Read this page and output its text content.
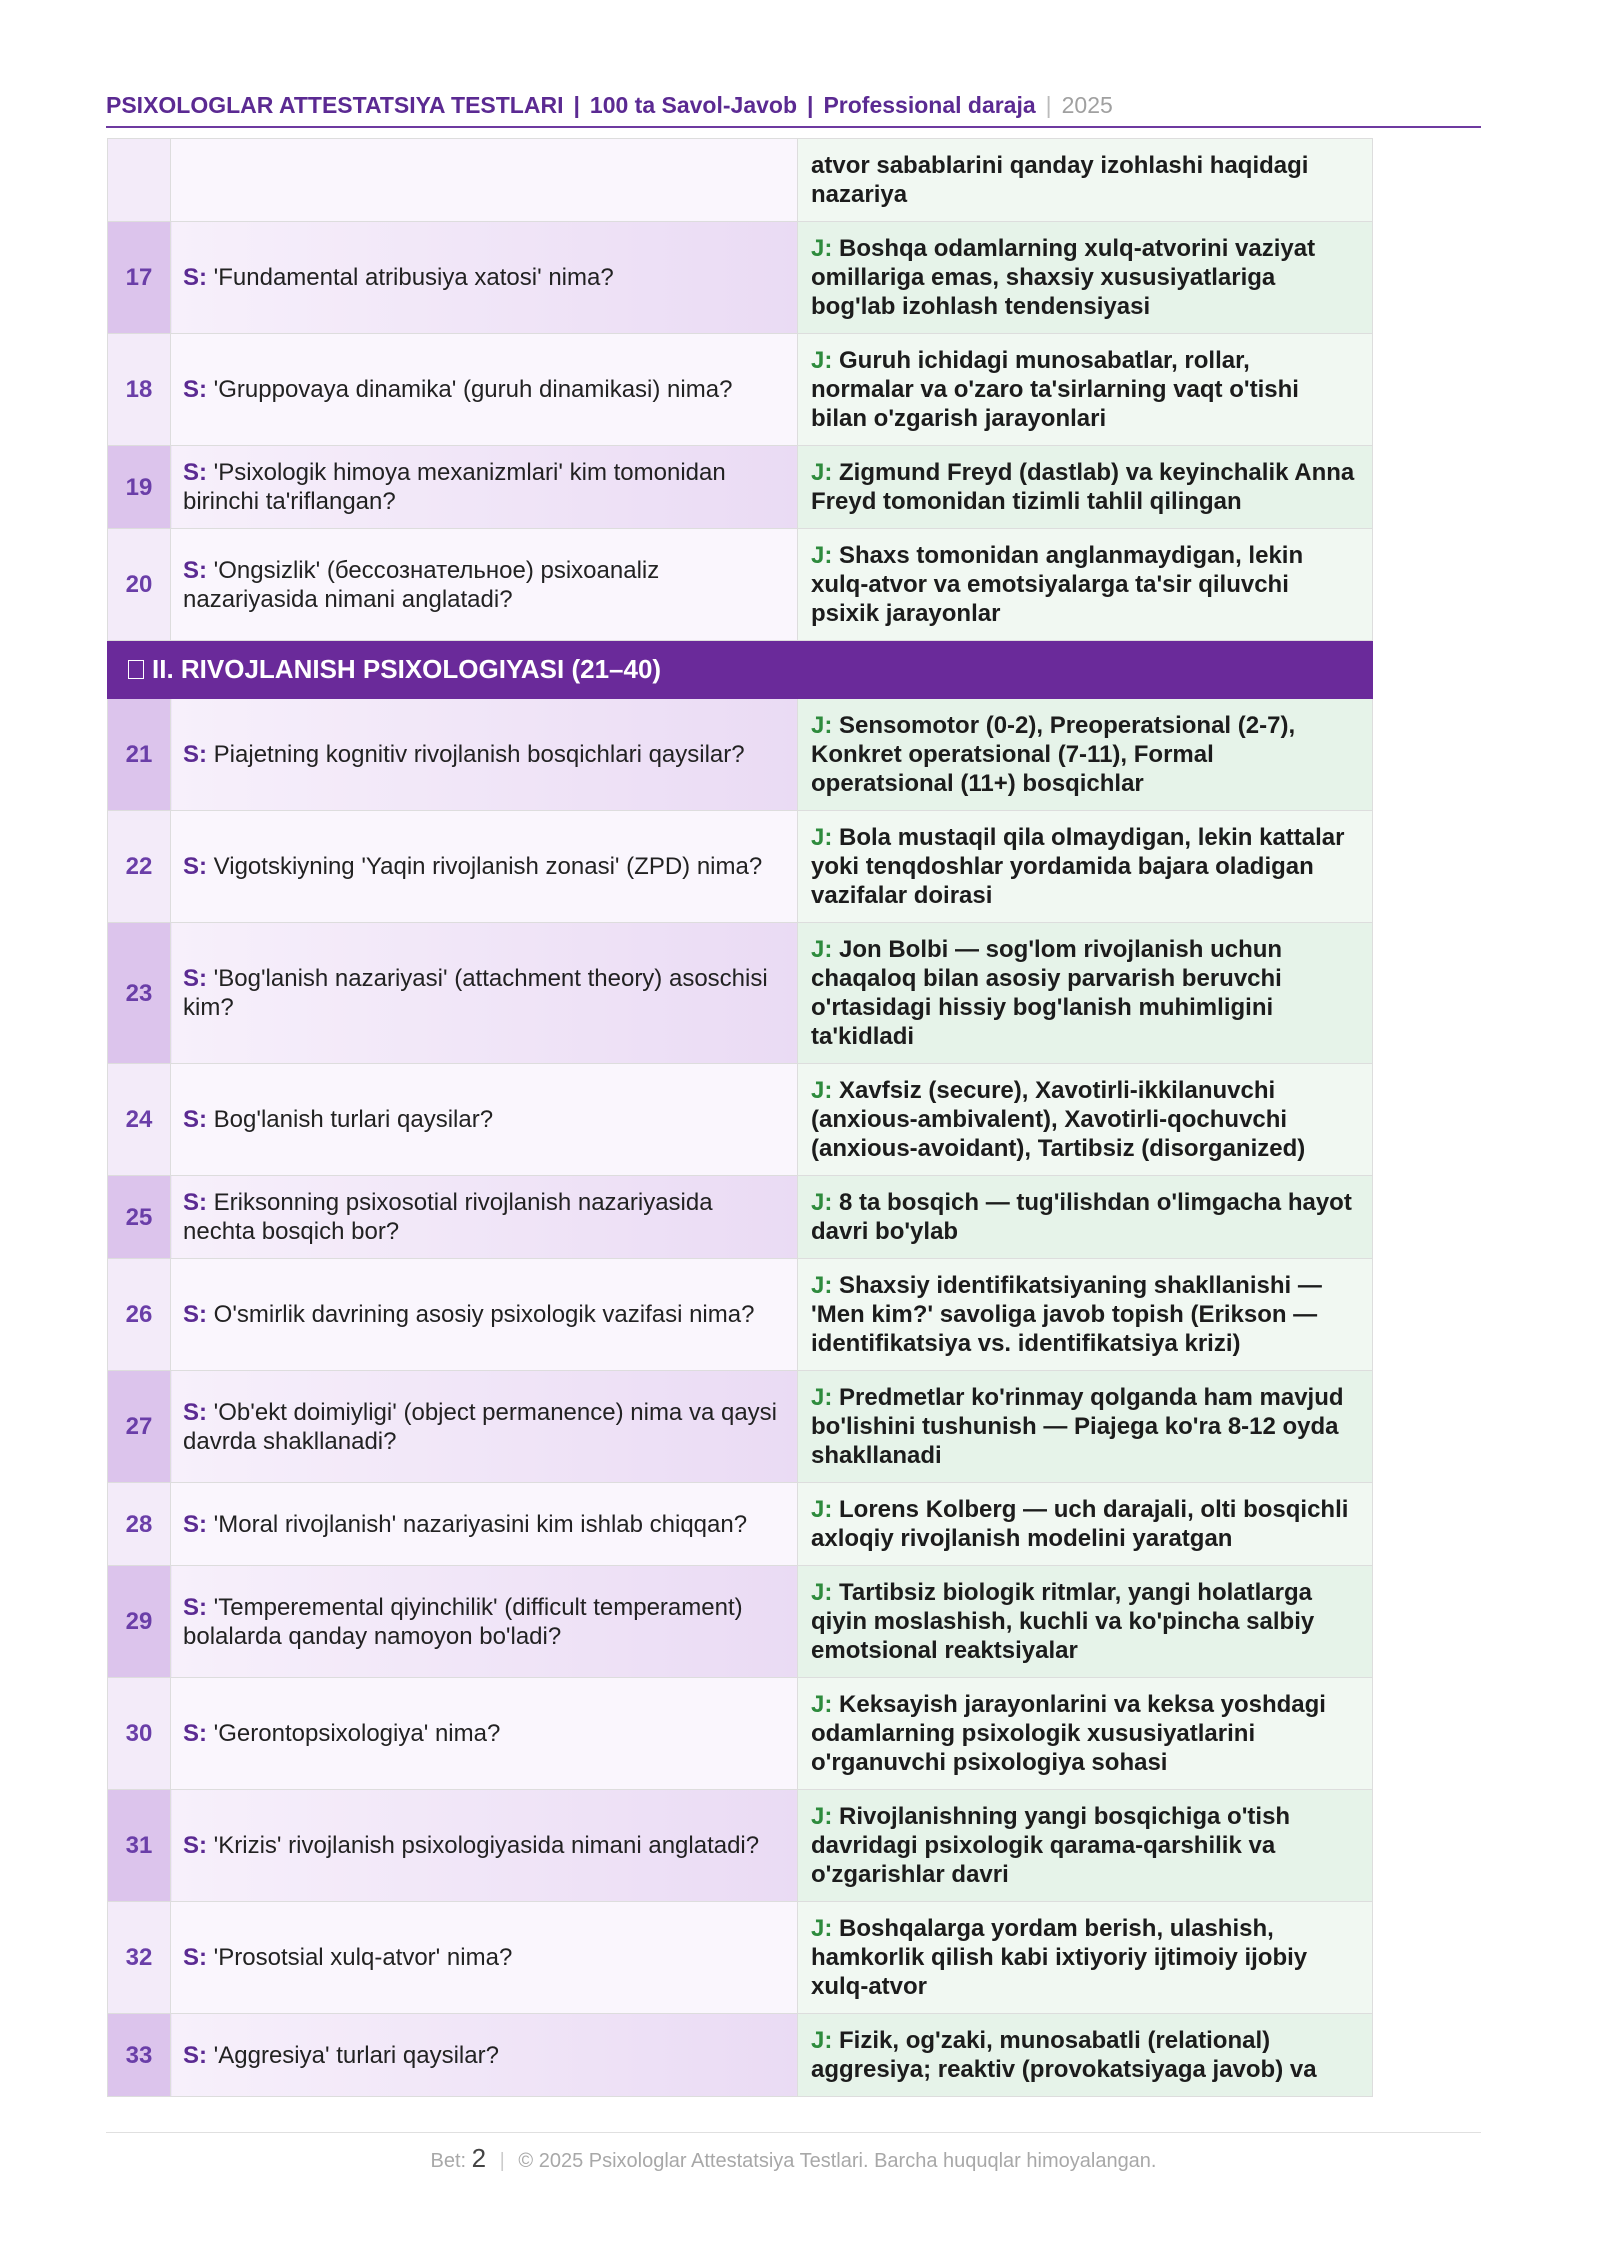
PSIXOLOGLAR ATTESTATSIYA TESTLARI | 100 ta Savol-Javob | Professional daraja | 2025
		atvor sabablarini qanday izohlashi haqidagi nazariya
17	S: 'Fundamental atribusiya xatosi' nima?	J: Boshqa odamlarning xulq-atvorini vaziyat omillariga emas, shaxsiy xususiyatlariga bog'lab izohlash tendensiyasi
18	S: 'Gruppovaya dinamika' (guruh dinamikasi) nima?	J: Guruh ichidagi munosabatlar, rollar, normalar va o'zaro ta'sirlarning vaqt o'tishi bilan o'zgarish jarayonlari
19	S: 'Psixologik himoya mexanizmlari' kim tomonidan birinchi ta'riflangan?	J: Zigmund Freyd (dastlab) va keyinchalik Anna Freyd tomonidan tizimli tahlil qilingan
20	S: 'Ongsizlik' (бессознательное) psixoanaliz nazariyasida nimani anglatadi?	J: Shaxs tomonidan anglanmaydigan, lekin xulq-atvor va emotsiyalarga ta'sir qiluvchi psixik jarayonlar
II. RIVOJLANISH PSIXOLOGIYASI (21–40)		
21	S: Piajetning kognitiv rivojlanish bosqichlari qaysilar?	J: Sensomotor (0-2), Preoperatsional (2-7), Konkret operatsional (7-11), Formal operatsional (11+) bosqichlar
22	S: Vigotskiyning 'Yaqin rivojlanish zonasi' (ZPD) nima?	J: Bola mustaqil qila olmaydigan, lekin kattalar yoki tenqdoshlar yordamida bajara oladigan vazifalar doirasi
23	S: 'Bog'lanish nazariyasi' (attachment theory) asoschisi kim?	J: Jon Bolbi — sog'lom rivojlanish uchun chaqaloq bilan asosiy parvarish beruvchi o'rtasidagi hissiy bog'lanish muhimligini ta'kidladi
24	S: Bog'lanish turlari qaysilar?	J: Xavfsiz (secure), Xavotirli-ikkilanuvchi (anxious-ambivalent), Xavotirli-qochuvchi (anxious-avoidant), Tartibsiz (disorganized)
25	S: Eriksonning psixosotial rivojlanish nazariyasida nechta bosqich bor?	J: 8 ta bosqich — tug'ilishdan o'limgacha hayot davri bo'ylab
26	S: O'smirlik davrining asosiy psixologik vazifasi nima?	J: Shaxsiy identifikatsiyaning shakllanishi — 'Men kim?' savoliga javob topish (Erikson — identifikatsiya vs. identifikatsiya krizi)
27	S: 'Ob'ekt doimiyligi' (object permanence) nima va qaysi davrda shakllanadi?	J: Predmetlar ko'rinmay qolganda ham mavjud bo'lishini tushunish — Piajega ko'ra 8-12 oyda shakllanadi
28	S: 'Moral rivojlanish' nazariyasini kim ishlab chiqqan?	J: Lorens Kolberg — uch darajali, olti bosqichli axloqiy rivojlanish modelini yaratgan
29	S: 'Temperemental qiyinchilik' (difficult temperament) bolalarda qanday namoyon bo'ladi?	J: Tartibsiz biologik ritmlar, yangi holatlarga qiyin moslashish, kuchli va ko'pincha salbiy emotsional reaktsiyalar
30	S: 'Gerontopsixologiya' nima?	J: Keksayish jarayonlarini va keksa yoshdagi odamlarning psixologik xususiyatlarini o'rganuvchi psixologiya sohasi
31	S: 'Krizis' rivojlanish psixologiyasida nimani anglatadi?	J: Rivojlanishning yangi bosqichiga o'tish davridagi psixologik qarama-qarshilik va o'zgarishlar davri
32	S: 'Prosotsial xulq-atvor' nima?	J: Boshqalarga yordam berish, ulashish, hamkorlik qilish kabi ixtiyoriy ijtimoiy ijobiy xulq-atvor
33	S: 'Aggresiya' turlari qaysilar?	J: Fizik, og'zaki, munosabatli (relational) aggresiya; reaktiv (provokatsiyaga javob) va
Bet: 2 | © 2025 Psixologlar Attestatsiya Testlari. Barcha huquqlar himoyalangan.
